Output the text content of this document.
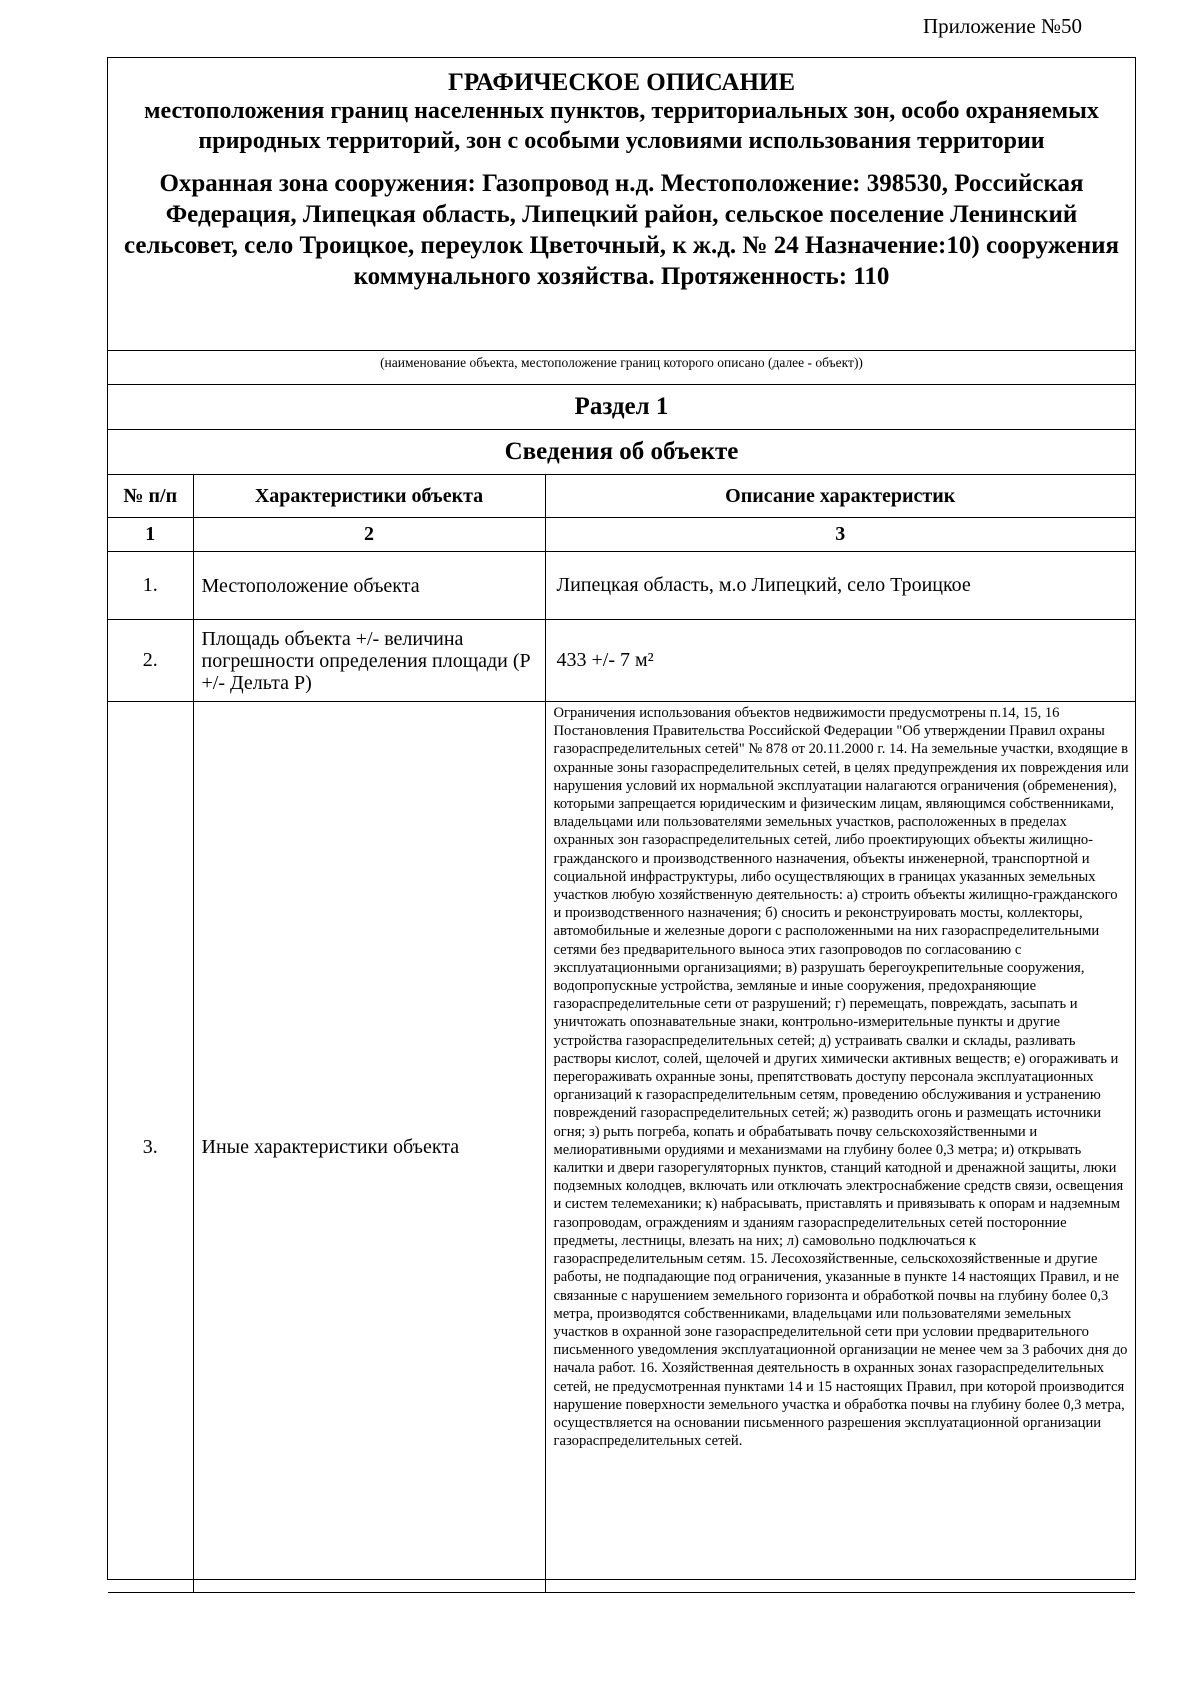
Приложение №50
ГРАФИЧЕСКОЕ ОПИСАНИЕ
местоположения границ населенных пунктов, территориальных зон, особо охраняемых природных территорий, зон с особыми условиями использования территории
Охранная зона сооружения: Газопровод н.д. Местоположение: 398530, Российская Федерация, Липецкая область, Липецкий район, сельское поселение Ленинский сельсовет, село Троицкое, переулок Цветочный, к ж.д. № 24 Назначение:10) сооружения коммунального хозяйства. Протяженность: 110
(наименование объекта, местоположение границ которого описано (далее - объект))
Раздел 1
Сведения об объекте
№ п/п	Характеристики объекта	Описание характеристик
1	2	3
1.	Местоположение объекта	Липецкая область, м.о Липецкий, село Троицкое
2.	Площадь объекта +/- величина погрешности определения площади (Р +/- Дельта Р)	433 +/- 7 м²
3.	Иные характеристики объекта	Ограничения использования объектов недвижимости предусмотрены п.14, 15, 16 Постановления Правительства Российской Федерации "Об утверждении Правил охраны газораспределительных сетей" № 878 от 20.11.2000 г. 14. На земельные участки, входящие в охранные зоны газораспределительных сетей, в целях предупреждения их повреждения или нарушения условий их нормальной эксплуатации налагаются ограничения (обременения), которыми запрещается юридическим и физическим лицам, являющимся собственниками, владельцами или пользователями земельных участков, расположенных в пределах охранных зон газораспределительных сетей, либо проектирующих объекты жилищно-гражданского и производственного назначения, объекты инженерной, транспортной и социальной инфраструктуры, либо осуществляющих в границах указанных земельных участков любую хозяйственную деятельность: а) строить объекты жилищно-гражданского и производственного назначения; б) сносить и реконструировать мосты, коллекторы, автомобильные и железные дороги с расположенными на них газораспределительными сетями без предварительного выноса этих газопроводов по согласованию с эксплуатационными организациями; в) разрушать берегоукрепительные сооружения, водопропускные устройства, земляные и иные сооружения, предохраняющие газораспределительные сети от разрушений; г) перемещать, повреждать, засыпать и уничтожать опознавательные знаки, контрольно-измерительные пункты и другие устройства газораспределительных сетей; д) устраивать свалки и склады, разливать растворы кислот, солей, щелочей и других химически активных веществ; е) огораживать и перегораживать охранные зоны, препятствовать доступу персонала эксплуатационных организаций к газораспределительным сетям, проведению обслуживания и устранению повреждений газораспределительных сетей; ж) разводить огонь и размещать источники огня; з) рыть погреба, копать и обрабатывать почву сельскохозяйственными и мелиоративными орудиями и механизмами на глубину более 0,3 метра; и) открывать калитки и двери газорегуляторных пунктов, станций катодной и дренажной защиты, люки подземных колодцев, включать или отключать электроснабжение средств связи, освещения и систем телемеханики; к) набрасывать, приставлять и привязывать к опорам и надземным газопроводам, ограждениям и зданиям газораспределительных сетей посторонние предметы, лестницы, влезать на них; л) самовольно подключаться к газораспределительным сетям. 15. Лесохозяйственные, сельскохозяйственные и другие работы, не подпадающие под ограничения, указанные в пункте 14 настоящих Правил, и не связанные с нарушением земельного горизонта и обработкой почвы на глубину более 0,3 метра, производятся собственниками, владельцами или пользователями земельных участков в охранной зоне газораспределительной сети при условии предварительного письменного уведомления эксплуатационной организации не менее чем за 3 рабочих дня до начала работ. 16. Хозяйственная деятельность в охранных зонах газораспределительных сетей, не предусмотренная пунктами 14 и 15 настоящих Правил, при которой производится нарушение поверхности земельного участка и обработка почвы на глубину более 0,3 метра, осуществляется на основании письменного разрешения эксплуатационной организации газораспределительных сетей.
